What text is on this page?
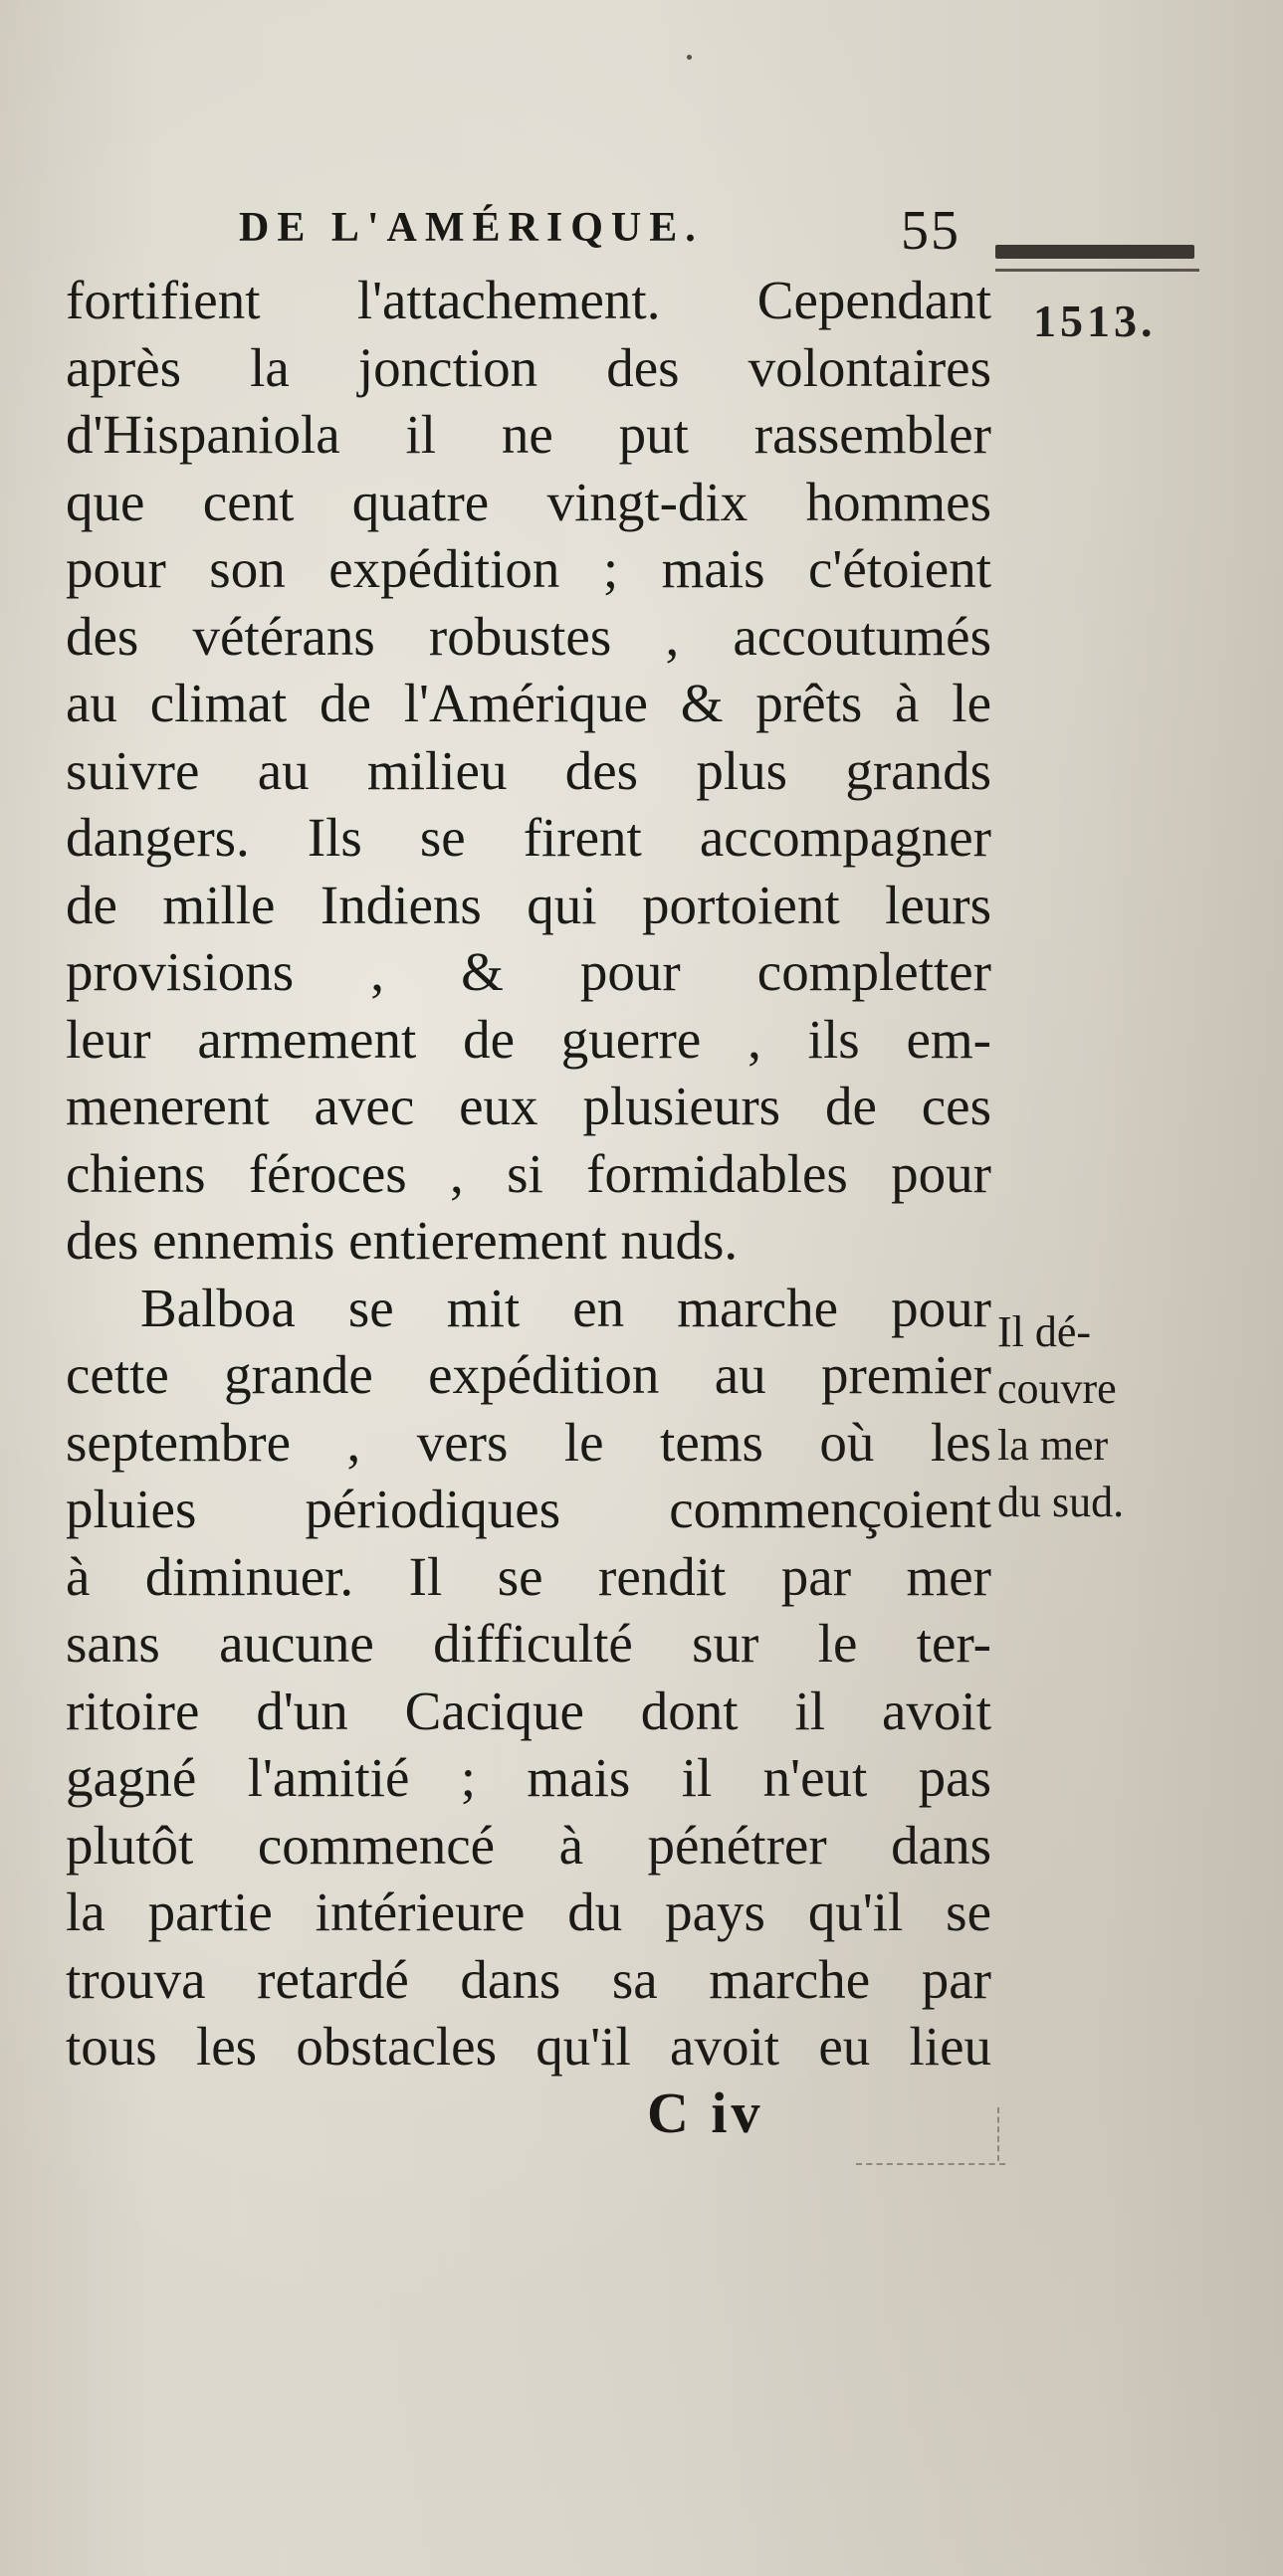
DE L'AMÉRIQUE.	55
1513.
fortifient l'attachement. Cependant
après la jonction des volontaires
d'Hispaniola il ne put rassembler
que cent quatre vingt-dix hommes
pour son expédition ; mais c'étoient
des vétérans robustes , accoutumés
au climat de l'Amérique & prêts à le
suivre au milieu des plus grands
dangers. Ils se firent accompagner
de mille Indiens qui portoient leurs
provisions , & pour completter
leur armement de guerre , ils em-
menerent avec eux plusieurs de ces
chiens féroces , si formidables pour
des ennemis entierement nuds.
Balboa se mit en marche pour
cette grande expédition au premier
septembre , vers le tems où les
pluies périodiques commençoient
à diminuer. Il se rendit par mer
sans aucune difficulté sur le ter-
ritoire d'un Cacique dont il avoit
gagné l'amitié ; mais il n'eut pas
plutôt commencé à pénétrer dans
la partie intérieure du pays qu'il se
trouva retardé dans sa marche par
tous les obstacles qu'il avoit eu lieu
Il dé-
couvre
la mer
du sud.
C iv
